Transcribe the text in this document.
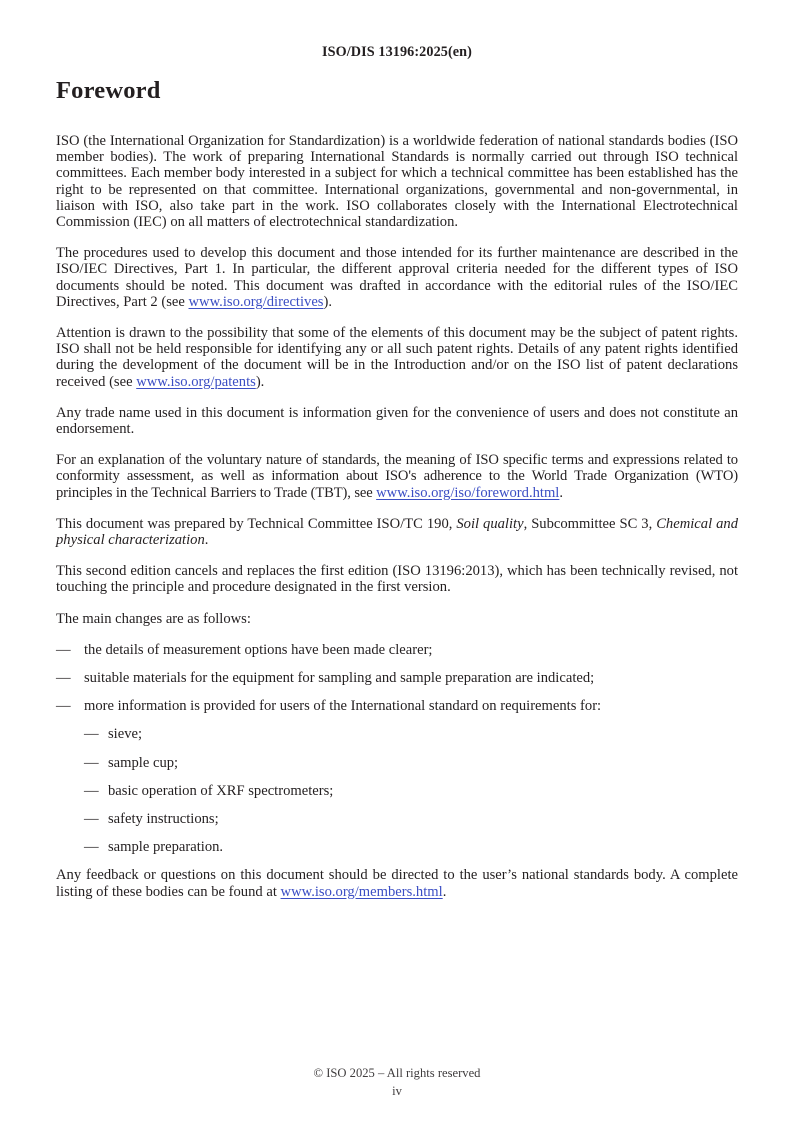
ISO/DIS 13196:2025(en)
Foreword

ISO (the International Organization for Standardization) is a worldwide federation of national standards bodies (ISO member bodies). The work of preparing International Standards is normally carried out through ISO technical committees. Each member body interested in a subject for which a technical committee has been established has the right to be represented on that committee. International organizations, governmental and non-governmental, in liaison with ISO, also take part in the work. ISO collaborates closely with the International Electrotechnical Commission (IEC) on all matters of electrotechnical standardization.

The procedures used to develop this document and those intended for its further maintenance are described in the ISO/IEC Directives, Part 1. In particular, the different approval criteria needed for the different types of ISO documents should be noted. This document was drafted in accordance with the editorial rules of the ISO/IEC Directives, Part 2 (see www.iso.org/directives).

Attention is drawn to the possibility that some of the elements of this document may be the subject of patent rights. ISO shall not be held responsible for identifying any or all such patent rights. Details of any patent rights identified during the development of the document will be in the Introduction and/or on the ISO list of patent declarations received (see www.iso.org/patents).

Any trade name used in this document is information given for the convenience of users and does not constitute an endorsement.

For an explanation of the voluntary nature of standards, the meaning of ISO specific terms and expressions related to conformity assessment, as well as information about ISO's adherence to the World Trade Organization (WTO) principles in the Technical Barriers to Trade (TBT), see www.iso.org/iso/foreword.html.

This document was prepared by Technical Committee ISO/TC 190, Soil quality, Subcommittee SC 3, Chemical and physical characterization.

This second edition cancels and replaces the first edition (ISO 13196:2013), which has been technically revised, not touching the principle and procedure designated in the first version.

The main changes are as follows:

— the details of measurement options have been made clearer;
— suitable materials for the equipment for sampling and sample preparation are indicated;
— more information is provided for users of the International standard on requirements for:
— sieve;
— sample cup;
— basic operation of XRF spectrometers;
— safety instructions;
— sample preparation.

Any feedback or questions on this document should be directed to the user’s national standards body. A complete listing of these bodies can be found at www.iso.org/members.html.

© ISO 2025 – All rights reserved
iv
